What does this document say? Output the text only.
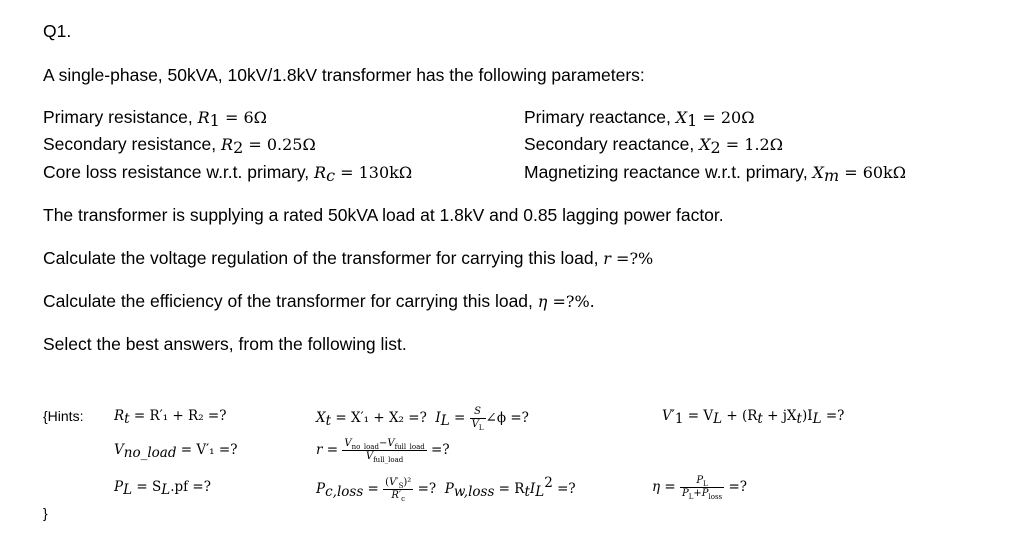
Q1.
A single-phase, 50kVA, 10kV/1.8kV transformer has the following parameters:
Primary resistance, $R_1 = 6\Omega$
Secondary resistance, $R_2 = 0.25\Omega$
Core loss resistance w.r.t. primary, $R_c = 130k\Omega$
Primary reactance, $X_1 = 20\Omega$
Secondary reactance, $X_2 = 1.2\Omega$
Magnetizing reactance w.r.t. primary, $X_m = 60k\Omega$
The transformer is supplying a rated 50kVA load at 1.8kV and 0.85 lagging power factor.
Calculate the voltage regulation of the transformer for carrying this load, r =?%
Calculate the efficiency of the transformer for carrying this load, η =?%.
Select the best answers, from the following list.
{Hints:
}
$R_t = R'_1 + R_2$ =?
$V_{no\_load} = V'_1$ =?
$P_L = S_L.pf$ =?
$X_t = X'_1 + X_2$ =? $I_L = \frac{S}{V_L}$ ∠ϕ =?
$r = \frac{V_{no\_load}-V_{full\_load}}{V_{full\_load}}$ =?
$P_{c,loss} = \frac{(V'_S)^2}{R'_c}$ =? $P_{w,loss} = R_tI_L^2$ =?
$V'_1 = V_L + (R_t + jX_t)I_L$ =?
$\eta = \frac{P_L}{P_L+P_{loss}}$ =?
